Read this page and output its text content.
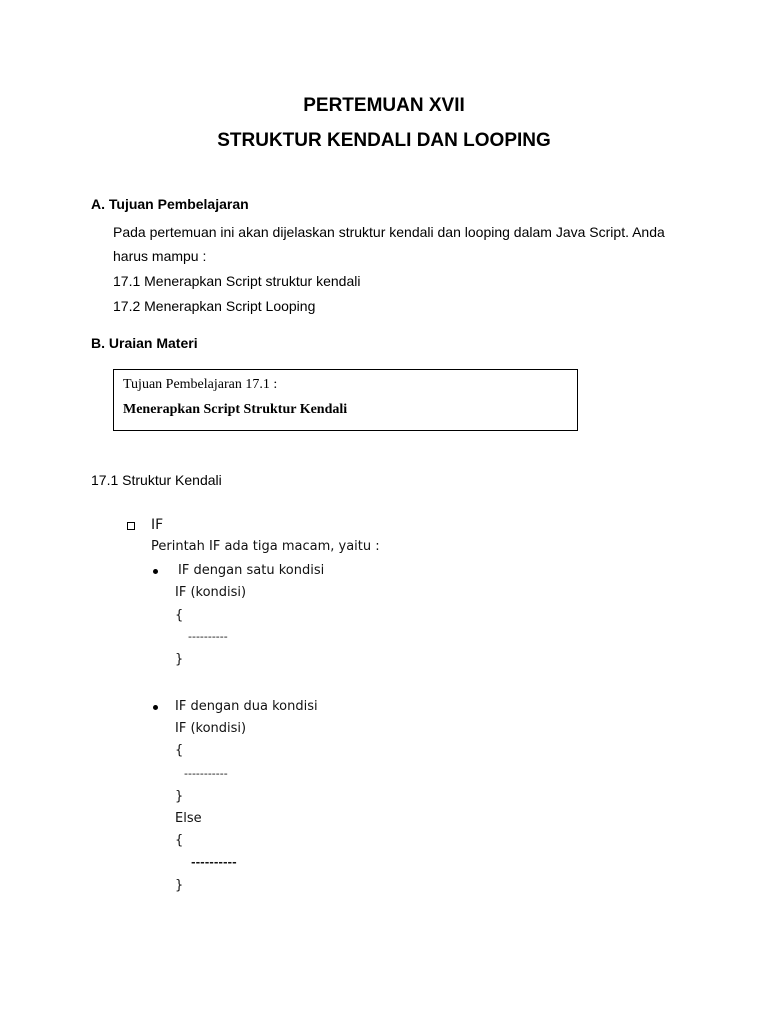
PERTEMUAN XVII
STRUKTUR KENDALI DAN LOOPING
A. Tujuan Pembelajaran
Pada pertemuan ini akan dijelaskan struktur kendali dan looping dalam Java Script. Anda
harus mampu :
17.1 Menerapkan Script struktur kendali
17.2 Menerapkan Script Looping
B. Uraian Materi
Tujuan Pembelajaran 17.1 :
Menerapkan Script Struktur Kendali
17.1 Struktur Kendali
IF
Perintah IF ada tiga macam, yaitu :
IF dengan satu kondisi
IF (kondisi)
{
----------
}
IF dengan dua kondisi
IF (kondisi)
{
-----------
}
Else
{
----------
}
